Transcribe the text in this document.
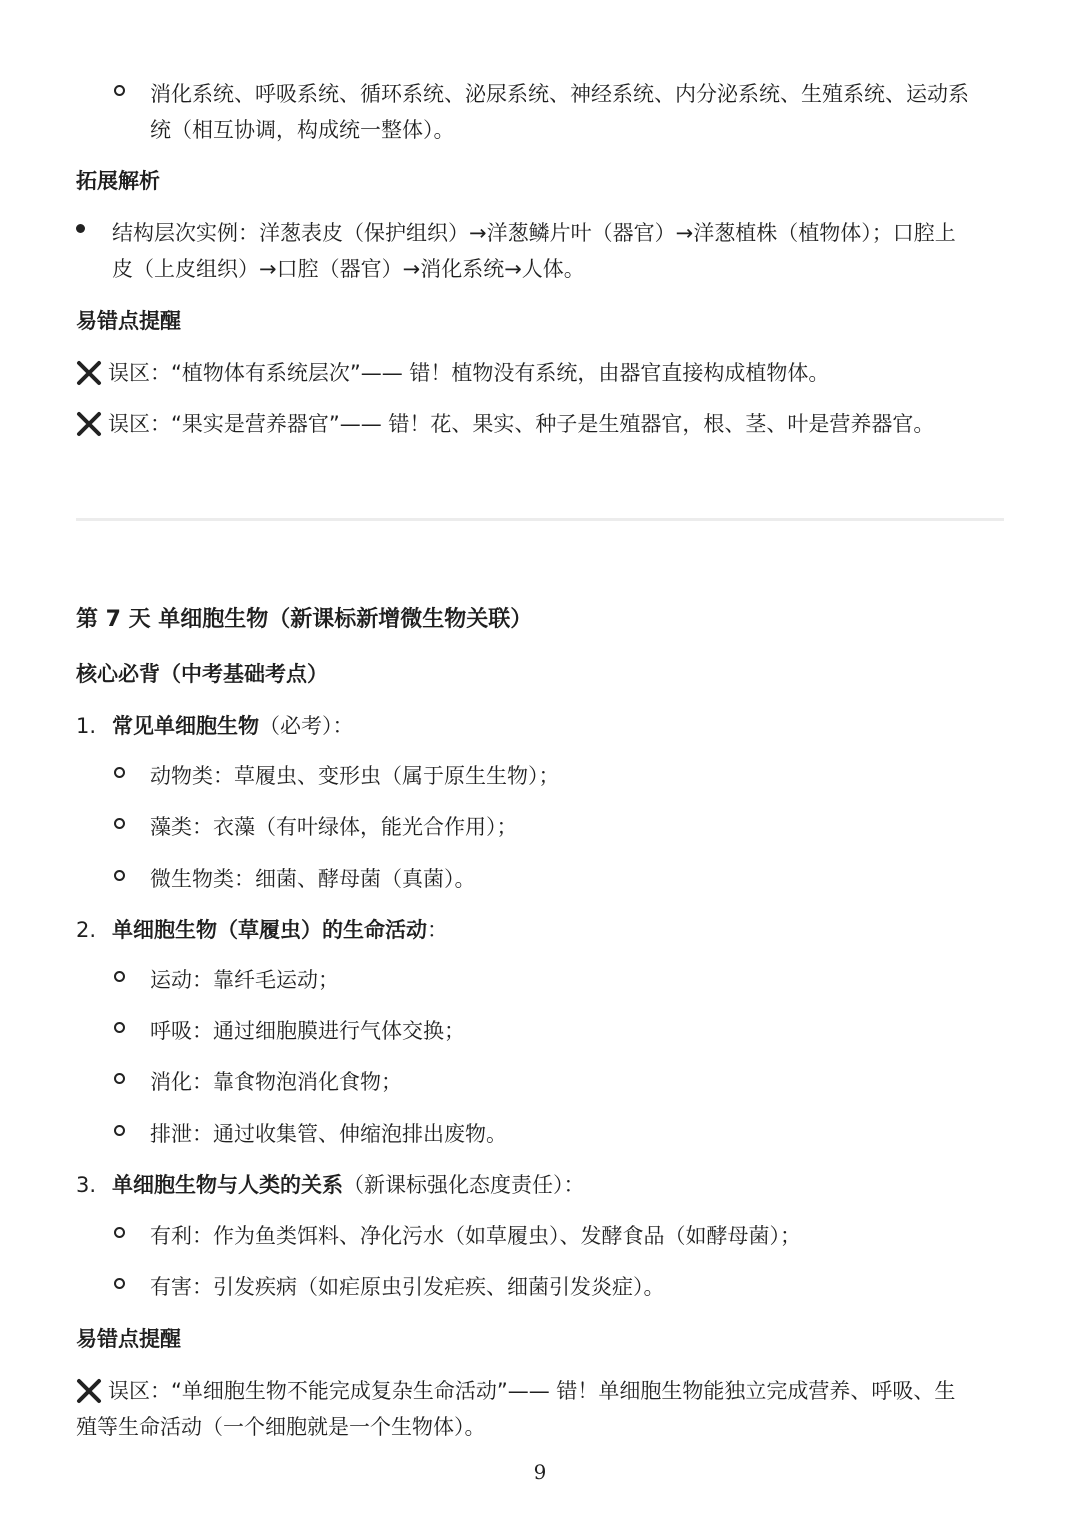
消化系统、呼吸系统、循环系统、泌尿系统、神经系统、内分泌系统、生殖系统、运动系
统（相互协调，构成统一整体）。
拓展解析
结构层次实例：洋葱表皮（保护组织）→洋葱鳞片叶（器官）→洋葱植株（植物体）；口腔上
皮（上皮组织）→口腔（器官）→消化系统→人体。
易错点提醒
误区：“植物体有系统层次”—— 错！植物没有系统，由器官直接构成植物体。
误区：“果实是营养器官”—— 错！花、果实、种子是生殖器官，根、茎、叶是营养器官。
第 7 天 单细胞生物（新课标新增微生物关联）
核心必背（中考基础考点）
1. 常见单细胞生物（必考）：
动物类：草履虫、变形虫（属于原生生物）；
藻类：衣藻（有叶绿体，能光合作用）；
微生物类：细菌、酵母菌（真菌）。
2. 单细胞生物（草履虫）的生命活动：
运动：靠纤毛运动；
呼吸：通过细胞膜进行气体交换；
消化：靠食物泡消化食物；
排泄：通过收集管、伸缩泡排出废物。
3. 单细胞生物与人类的关系（新课标强化态度责任）：
有利：作为鱼类饵料、净化污水（如草履虫）、发酵食品（如酵母菌）；
有害：引发疾病（如疟原虫引发疟疾、细菌引发炎症）。
易错点提醒
误区：“单细胞生物不能完成复杂生命活动”—— 错！单细胞生物能独立完成营养、呼吸、生
殖等生命活动（一个细胞就是一个生物体）。
9
